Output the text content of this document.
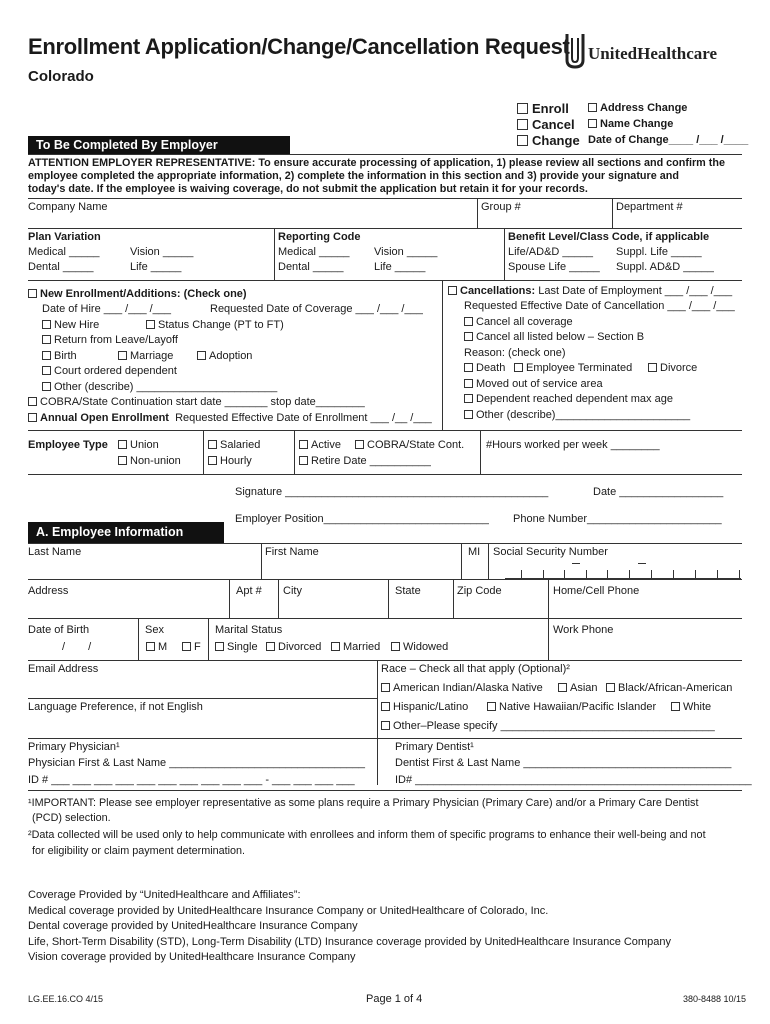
Enrollment Application/Change/Cancellation Request
Colorado
UnitedHealthcare
Enroll
Cancel
Change
Address Change
Name Change
Date of Change____ /___ /____
To Be Completed By Employer
ATTENTION EMPLOYER REPRESENTATIVE: To ensure accurate processing of application, 1) please review all sections and confirm the
employee completed the appropriate information, 2) complete the information in this section and 3) provide your signature and
today's date. If the employee is waiving coverage, do not submit the application but retain it for your records.
Company Name	Group #	Department #
Plan Variation
Medical _____	Vision _____
Dental _____	Life _____
Reporting Code
Medical _____ Vision _____
Dental _____	Life _____
Benefit Level/Class Code, if applicable
Life/AD&D _____ Suppl. Life _____
Spouse Life _____ Suppl. AD&D _____
New Enrollment/Additions: (Check one)
Date of Hire ___ /___ /___	Requested Date of Coverage ___ /___ /___
New Hire	Status Change (PT to FT)
Return from Leave/Layoff
Birth	Marriage	Adoption
Court ordered dependent
Other (describe) _______________________
COBRA/State Continuation start date _______ stop date________
Annual Open Enrollment Requested Effective Date of Enrollment ___ /__ /___
Cancellations: Last Date of Employment ___ /___ /___
Requested Effective Date of Cancellation ___ /___ /___
Cancel all coverage
Cancel all listed below – Section B
Reason: (check one)
Death	Employee Terminated	Divorce
Moved out of service area
Dependent reached dependent max age
Other (describe)______________________
Employee Type	Union
Non-union
Salaried
Hourly
Active	COBRA/State Cont.
Retire Date __________
#Hours worked per week ________
Signature ___________________________________________	Date _________________
Employer Position___________________________ Phone Number______________________
A. Employee Information
Last Name	First Name	MI Social Security Number
Address	Apt # City	State	Zip Code	Home/Cell Phone
Date of Birth
/ /
Sex
M	F
Marital Status
Single	Divorced	Married	Widowed
Work Phone
Email Address
Language Preference, if not English
Race – Check all that apply (Optional)²
American Indian/Alaska Native	Asian	Black/African-American
Hispanic/Latino	Native Hawaiian/Pacific Islander	White
Other–Please specify ___________________________________
Primary Physician¹
Physician First & Last Name ________________________________
ID # ___ ___ ___ ___ ___ ___ ___ ___ ___ ___ - ___ ___ ___ ___
Primary Dentist¹
Dentist First & Last Name __________________________________
ID# _______________________________________________________
¹IMPORTANT: Please see employer representative as some plans require a Primary Physician (Primary Care) and/or a Primary Care Dentist
(PCD) selection.
²Data collected will be used only to help communicate with enrollees and inform them of specific programs to enhance their well-being and not
for eligibility or claim payment determination.
Coverage Provided by “UnitedHealthcare and Affiliates”:
Medical coverage provided by UnitedHealthcare Insurance Company or UnitedHealthcare of Colorado, Inc.
Dental coverage provided by UnitedHealthcare Insurance Company
Life, Short-Term Disability (STD), Long-Term Disability (LTD) Insurance coverage provided by UnitedHealthcare Insurance Company
Vision coverage provided by UnitedHealthcare Insurance Company
LG.EE.16.CO 4/15	Page 1 of 4	380-8488 10/15
